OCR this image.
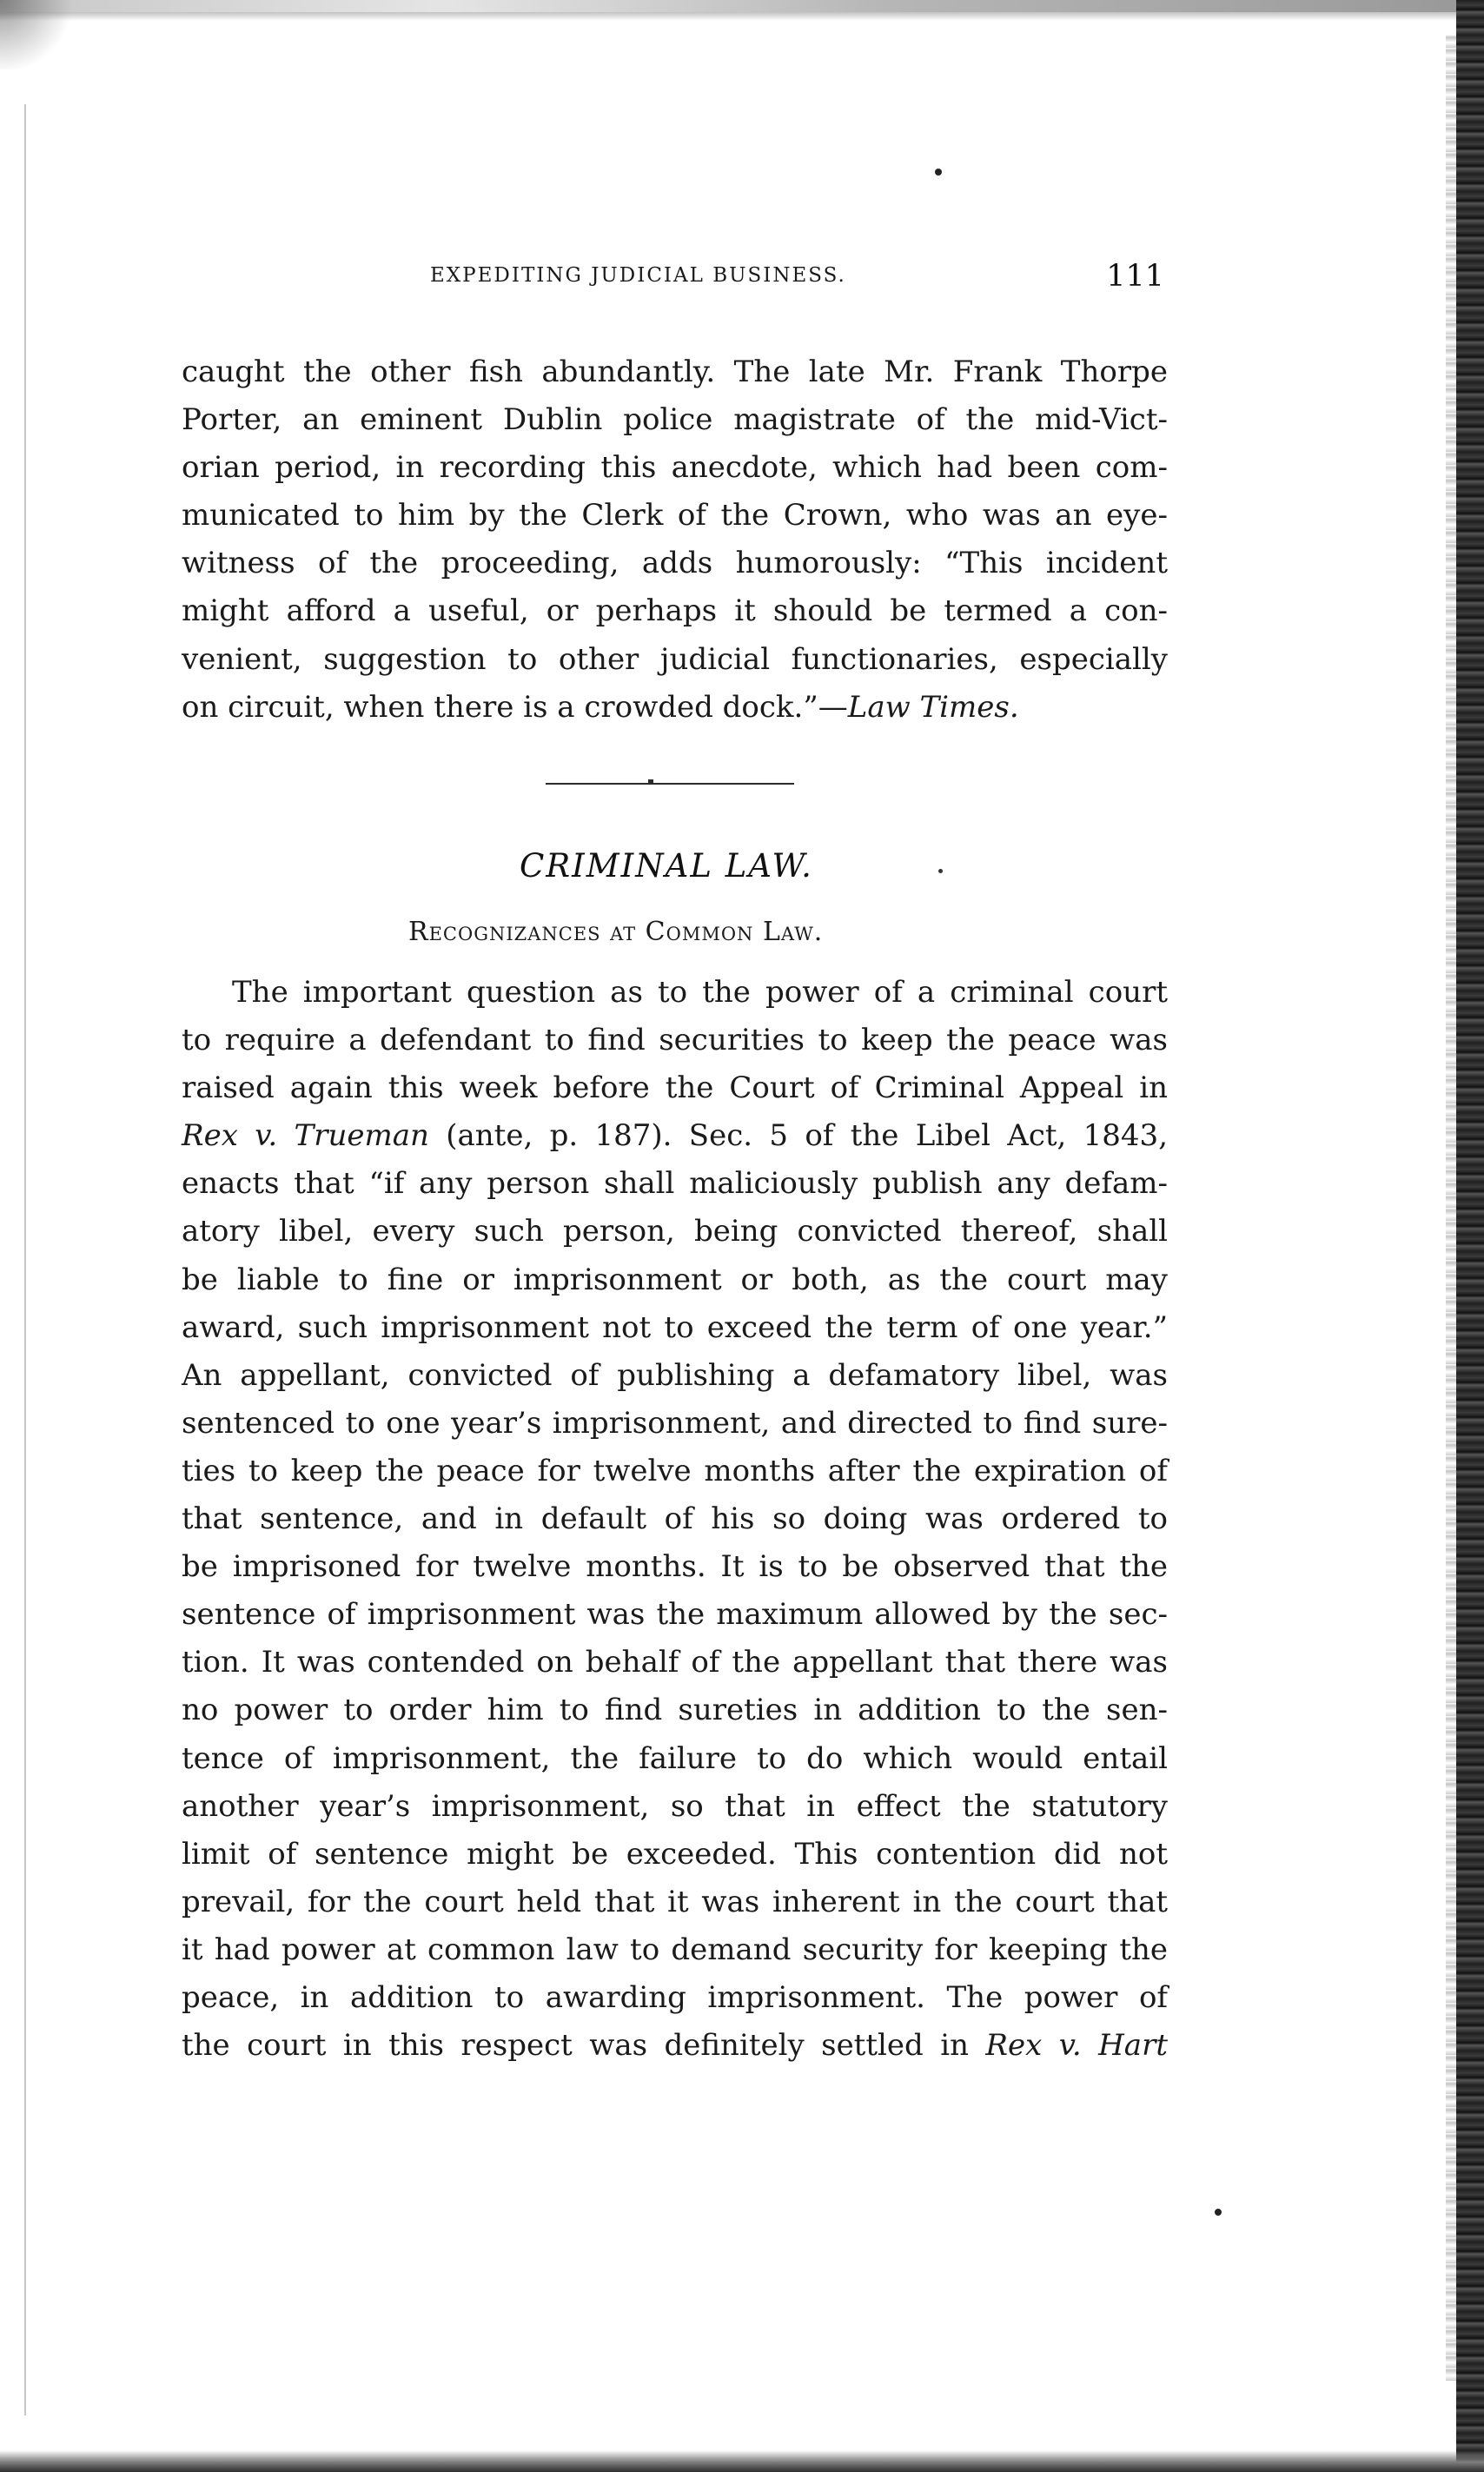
EXPEDITING JUDICIAL BUSINESS.	111
caught the other fish abundantly. The late Mr. Frank Thorpe
Porter, an eminent Dublin police magistrate of the mid-Vict-
orian period, in recording this anecdote, which had been com-
municated to him by the Clerk of the Crown, who was an eye-
witness of the proceeding, adds humorously: “This incident
might afford a useful, or perhaps it should be termed a con-
venient, suggestion to other judicial functionaries, especially
on circuit, when there is a crowded dock.”—Law Times.
CRIMINAL LAW.
Recognizances at Common Law.
The important question as to the power of a criminal court
to require a defendant to find securities to keep the peace was
raised again this week before the Court of Criminal Appeal in
Rex v. Trueman (ante, p. 187). Sec. 5 of the Libel Act, 1843,
enacts that “if any person shall maliciously publish any defam-
atory libel, every such person, being convicted thereof, shall
be liable to fine or imprisonment or both, as the court may
award, such imprisonment not to exceed the term of one year.”
An appellant, convicted of publishing a defamatory libel, was
sentenced to one year’s imprisonment, and directed to find sure-
ties to keep the peace for twelve months after the expiration of
that sentence, and in default of his so doing was ordered to
be imprisoned for twelve months. It is to be observed that the
sentence of imprisonment was the maximum allowed by the sec-
tion. It was contended on behalf of the appellant that there was
no power to order him to find sureties in addition to the sen-
tence of imprisonment, the failure to do which would entail
another year’s imprisonment, so that in effect the statutory
limit of sentence might be exceeded. This contention did not
prevail, for the court held that it was inherent in the court that
it had power at common law to demand security for keeping the
peace, in addition to awarding imprisonment. The power of
the court in this respect was definitely settled in Rex v. Hart
